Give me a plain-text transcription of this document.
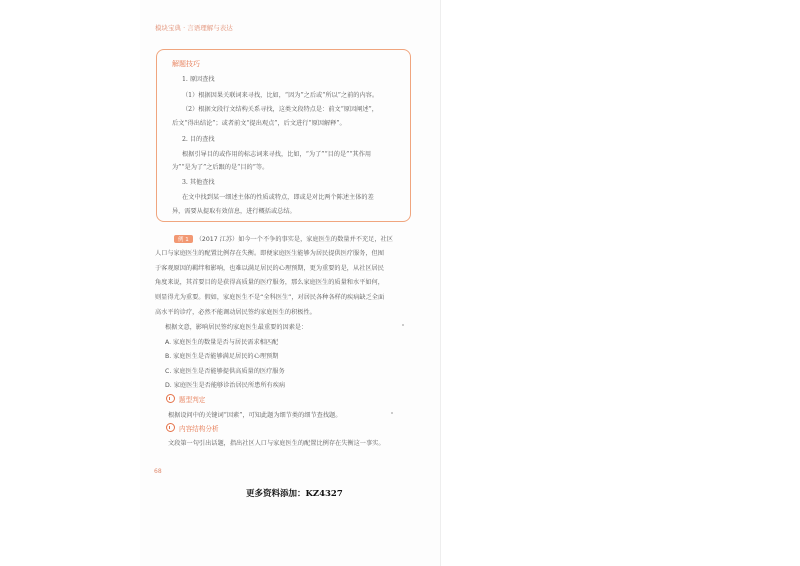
模块宝典 · 言语理解与表达
解题技巧
1. 原因查找
（1）根据因果关联词来寻找，比如，“因为”之后或“所以”之前的内容。
（2）根据文段行文结构关系寻找，这类文段特点是：前文“原因阐述”，
后文“得出结论”；或者前文“提出观点”，后文进行“原因解释”。
2. 目的查找
根据引导目的或作用的标志词来寻找，比如，“为了”“目的是”“其作用
为”“是为了”之后跟的是“目的”等。
3. 其他查找
在文中找到某一细述主体的性质或特点，即或是对比两个陈述主体的差
异，需要从提取有效信息，进行概括或总结。
例 1 （2017 江苏）如今一个不争的事实是，家庭医生的数量并不充足，社区
人口与家庭医生的配置比例存在失衡。即便家庭医生能够为居民提供医疗服务，但囿
于客观原因的羁绊和影响，也难以满足居民的心理预期，更为重要的是，从社区居民
角度来说，其首要目的是获得高质量的医疗服务，那么家庭医生的质量和水平如何，
则显得尤为重要。假如，家庭医生不是“全科医生”，对居民各种各样的疾病缺乏全面
高水平的诊疗，必然不能调动居民签约家庭医生的积极性。
根据文意，影响居民签约家庭医生最重要的因素是：
A. 家庭医生的数量是否与居民需求相匹配
B. 家庭医生是否能够满足居民的心理预期
C. 家庭医生是否能够提供高质量的医疗服务
D. 家庭医生是否能够诊治居民所患所有疾病
题型判定
根据设问中的关键词“因素”，可知此题为细节类的细节查找题。
内容结构分析
文段第一句引出话题，指出社区人口与家庭医生的配置比例存在失衡这一事实。
68
更多资料添加：KZ4327
